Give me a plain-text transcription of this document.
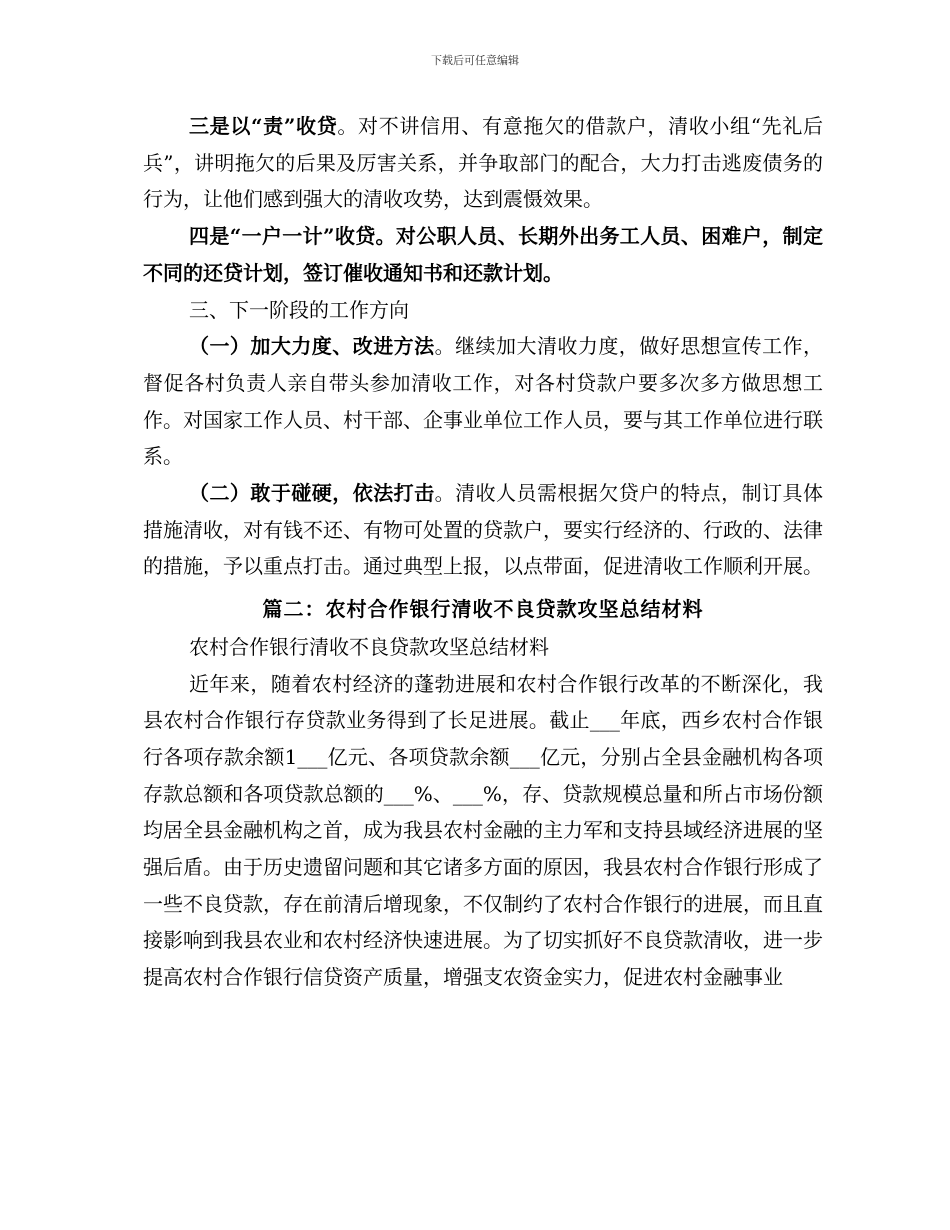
下载后可任意编辑

三是以“责”收贷。对不讲信用、有意拖欠的借款户，清收小组“先礼后兵”，讲明拖欠的后果及厉害关系，并争取部门的配合，大力打击逃废债务的行为，让他们感到强大的清收攻势，达到震慑效果。

四是“一户一计”收贷。对公职人员、长期外出务工人员、困难户，制定不同的还贷计划，签订催收通知书和还款计划。

三、下一阶段的工作方向

（一）加大力度、改进方法。继续加大清收力度，做好思想宣传工作，督促各村负责人亲自带头参加清收工作，对各村贷款户要多次多方做思想工作。对国家工作人员、村干部、企事业单位工作人员，要与其工作单位进行联系。

（二）敢于碰硬，依法打击。清收人员需根据欠贷户的特点，制订具体措施清收，对有钱不还、有物可处置的贷款户，要实行经济的、行政的、法律的措施，予以重点打击。通过典型上报，以点带面，促进清收工作顺利开展。

篇二：农村合作银行清收不良贷款攻坚总结材料

农村合作银行清收不良贷款攻坚总结材料

近年来，随着农村经济的蓬勃进展和农村合作银行改革的不断深化，我县农村合作银行存贷款业务得到了长足进展。截止___年底，西乡农村合作银行各项存款余额1___亿元、各项贷款余额___亿元，分别占全县金融机构各项存款总额和各项贷款总额的___%、___%，存、贷款规模总量和所占市场份额均居全县金融机构之首，成为我县农村金融的主力军和支持县域经济进展的坚强后盾。由于历史遗留问题和其它诸多方面的原因，我县农村合作银行形成了一些不良贷款，存在前清后增现象，不仅制约了农村合作银行的进展，而且直接影响到我县农业和农村经济快速进展。为了切实抓好不良贷款清收，进一步提高农村合作银行信贷资产质量，增强支农资金实力，促进农村金融事业
